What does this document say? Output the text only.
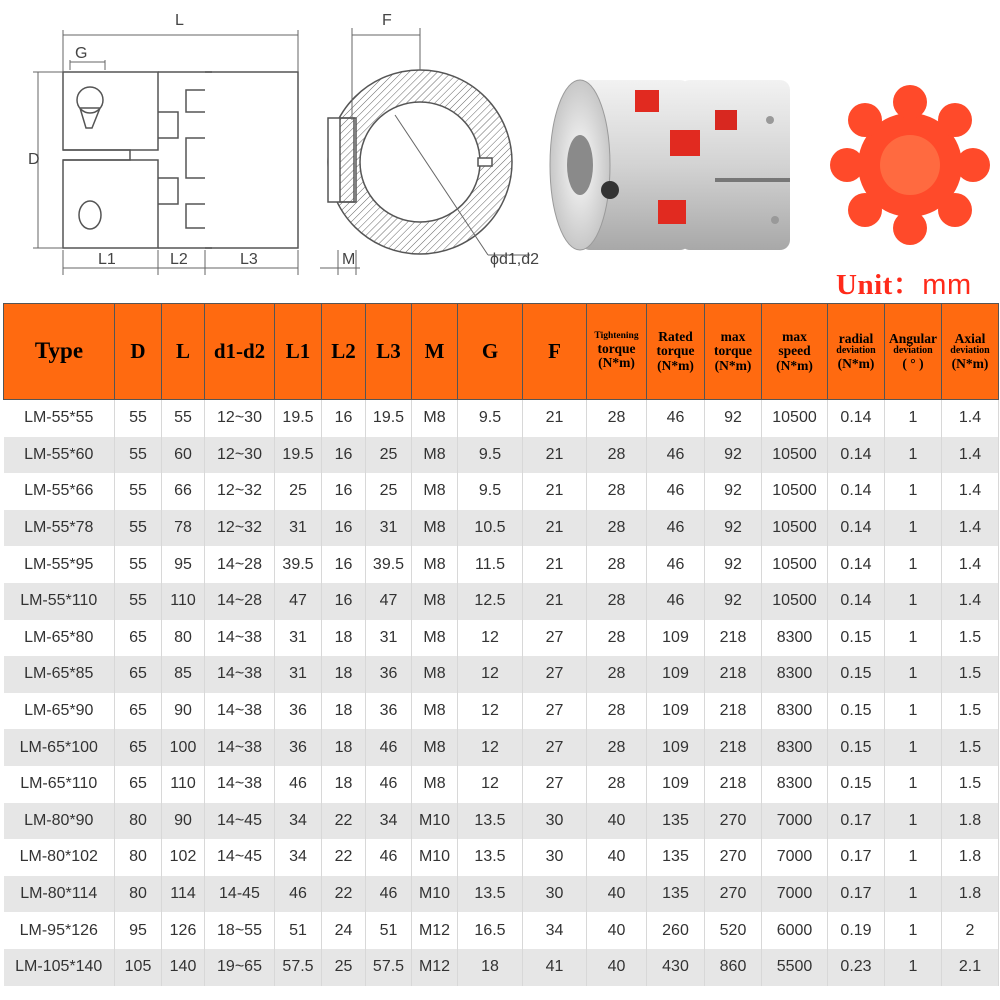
L
G
D
L1	L2	L3
F
M	ϕd1,d2
Unit：mm
Type	D	L	d1-d2	L1	L2	L3	M	G	F	Tightening
torque
(N*m)	Rated
torque
(N*m)	max
torque
(N*m)	max
speed
(N*m)	radial
deviation
(N*m)	Angular
deviation
( ° )	Axial
deviation
(N*m)

LM-55*55	55	55	12~30	19.5	16	19.5	M8	9.5	21	28	46	92	10500	0.14	1	1.4
LM-55*60	55	60	12~30	19.5	16	25	M8	9.5	21	28	46	92	10500	0.14	1	1.4
LM-55*66	55	66	12~32	25	16	25	M8	9.5	21	28	46	92	10500	0.14	1	1.4
LM-55*78	55	78	12~32	31	16	31	M8	10.5	21	28	46	92	10500	0.14	1	1.4
LM-55*95	55	95	14~28	39.5	16	39.5	M8	11.5	21	28	46	92	10500	0.14	1	1.4
LM-55*110	55	110	14~28	47	16	47	M8	12.5	21	28	46	92	10500	0.14	1	1.4
LM-65*80	65	80	14~38	31	18	31	M8	12	27	28	109	218	8300	0.15	1	1.5
LM-65*85	65	85	14~38	31	18	36	M8	12	27	28	109	218	8300	0.15	1	1.5
LM-65*90	65	90	14~38	36	18	36	M8	12	27	28	109	218	8300	0.15	1	1.5
LM-65*100	65	100	14~38	36	18	46	M8	12	27	28	109	218	8300	0.15	1	1.5
LM-65*110	65	110	14~38	46	18	46	M8	12	27	28	109	218	8300	0.15	1	1.5
LM-80*90	80	90	14~45	34	22	34	M10	13.5	30	40	135	270	7000	0.17	1	1.8
LM-80*102	80	102	14~45	34	22	46	M10	13.5	30	40	135	270	7000	0.17	1	1.8
LM-80*114	80	114	14-45	46	22	46	M10	13.5	30	40	135	270	7000	0.17	1	1.8
LM-95*126	95	126	18~55	51	24	51	M12	16.5	34	40	260	520	6000	0.19	1	2
LM-105*140	105	140	19~65	57.5	25	57.5	M12	18	41	40	430	860	5500	0.23	1	2.1
